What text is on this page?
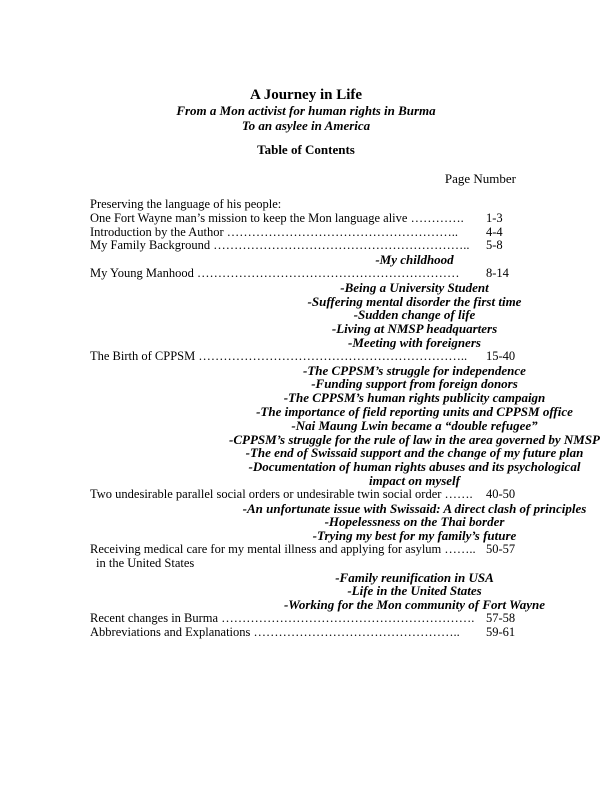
A Journey in Life
From a Mon activist for human rights in Burma
To an asylee in America
Table of Contents
Page Number
Preserving the language of his people:
One Fort Wayne man’s mission to keep the Mon language alive …………. 1-3
Introduction by the Author ……………………………………………….. 4-4
My Family Background …………………………………………………….. 5-8
-My childhood
My Young Manhood ……………………………………………………… 8-14
-Being a University Student
-Suffering mental disorder the first time
-Sudden change of life
-Living at NMSP headquarters
-Meeting with foreigners
The Birth of CPPSM ……………………………………………………….. 15-40
-The CPPSM’s struggle for independence
-Funding support from foreign donors
-The CPPSM’s human rights publicity campaign
-The importance of field reporting units and CPPSM office
-Nai Maung Lwin became a “double refugee”
-CPPSM’s struggle for the rule of law in the area governed by NMSP
-The end of Swissaid support and the change of my future plan
-Documentation of human rights abuses and its psychological
impact on myself
Two undesirable parallel social orders or undesirable twin social order ……. 40-50
-An unfortunate issue with Swissaid: A direct clash of principles
-Hopelessness on the Thai border
-Trying my best for my family’s future
Receiving medical care for my mental illness and applying for asylum …….. 50-57
in the United States
-Family reunification in USA
-Life in the United States
-Working for the Mon community of Fort Wayne
Recent changes in Burma ……………………………………………………. 57-58
Abbreviations and Explanations ………………………………………….. 59-61
